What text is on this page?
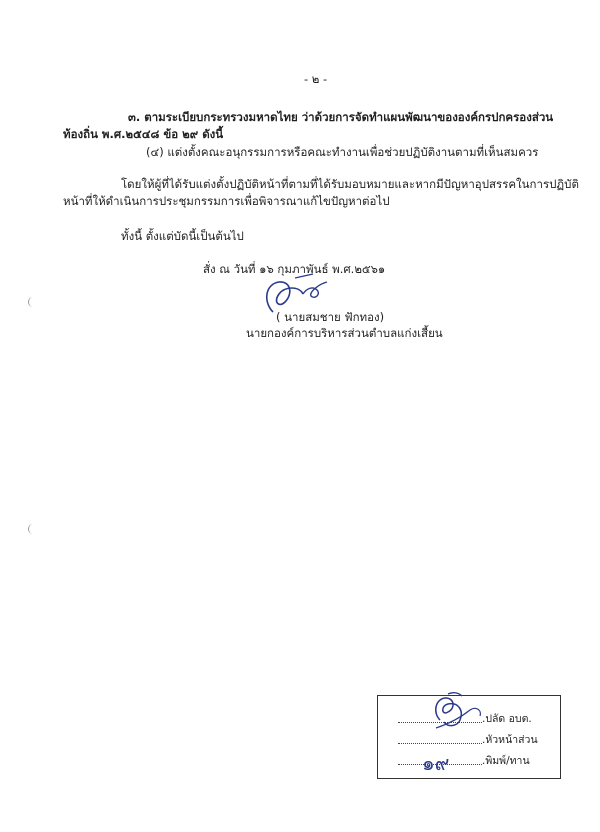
- ๒ -
๓. ตามระเบียบกระทรวงมหาดไทย ว่าด้วยการจัดทำแผนพัฒนาขององค์กรปกครองส่วน
ท้องถิ่น พ.ศ.๒๕๔๘ ข้อ ๒๙ ดังนี้
(๔) แต่งตั้งคณะอนุกรรมการหรือคณะทำงานเพื่อช่วยปฏิบัติงานตามที่เห็นสมควร
โดยให้ผู้ที่ได้รับแต่งตั้งปฏิบัติหน้าที่ตามที่ได้รับมอบหมายและหากมีปัญหาอุปสรรคในการปฏิบัติ
หน้าที่ให้ดำเนินการประชุมกรรมการเพื่อพิจารณาแก้ไขปัญหาต่อไป
ทั้งนี้ ตั้งแต่บัดนี้เป็นต้นไป
สั่ง ณ วันที่ ๑๖ กุมภาพันธ์ พ.ศ.๒๕๖๑
( นายสมชาย ฟักทอง)
นายกองค์การบริหารส่วนตำบลแก่งเสี้ยน
.ปลัด อบต.
.หัวหน้าส่วน
.พิมพ์/ทาน
๑๙
